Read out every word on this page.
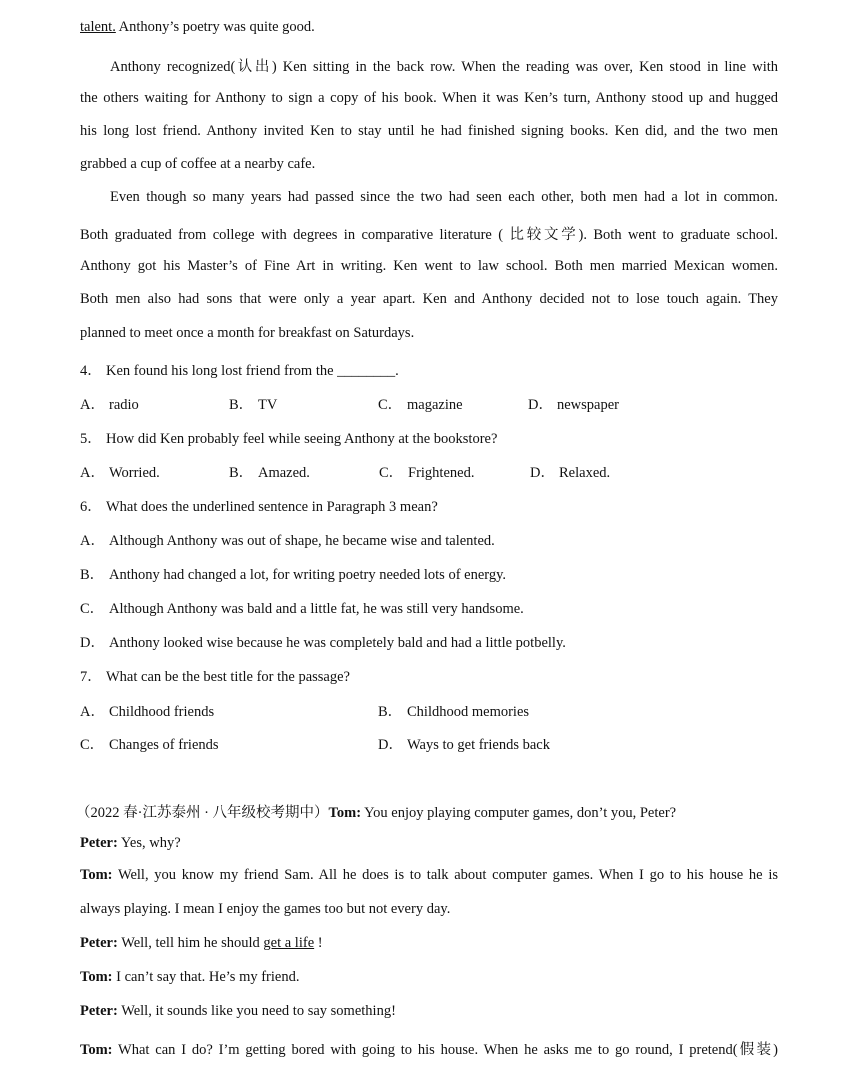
talent. Anthony’s poetry was quite good.
Anthony recognized(认出) Ken sitting in the back row. When the reading was over, Ken stood in line with
the others waiting for Anthony to sign a copy of his book. When it was Ken’s turn, Anthony stood up and hugged
his long lost friend. Anthony invited Ken to stay until he had finished signing books. Ken did, and the two men
grabbed a cup of coffee at a nearby cafe.
Even though so many years had passed since the two had seen each other, both men had a lot in common.
Both graduated from college with degrees in comparative literature ( 比较文学). Both went to graduate school.
Anthony got his Master’s of Fine Art in writing. Ken went to law school. Both men married Mexican women.
Both men also had sons that were only a year apart. Ken and Anthony decided not to lose touch again. They
planned to meet once a month for breakfast on Saturdays.
4． Ken found his long lost friend from the ________.
A． radio	B． TV	C． magazine	D． newspaper
5． How did Ken probably feel while seeing Anthony at the bookstore?
A． Worried.	B． Amazed.	C． Frightened.	D． Relaxed.
6． What does the underlined sentence in Paragraph 3 mean?
A． Although Anthony was out of shape, he became wise and talented.
B． Anthony had changed a lot, for writing poetry needed lots of energy.
C． Although Anthony was bald and a little fat, he was still very handsome.
D． Anthony looked wise because he was completely bald and had a little potbelly.
7． What can be the best title for the passage?
A． Childhood friends	B． Childhood memories
C． Changes of friends	D． Ways to get friends back
（2022 春·江苏泰州 · 八年级校考期中）Tom: You enjoy playing computer games, don’t you, Peter?
Peter: Yes, why?
Tom: Well, you know my friend Sam. All he does is to talk about computer games. When I go to his house he is
always playing. I mean I enjoy the games too but not every day.
Peter: Well, tell him he should get a life !
Tom: I can’t say that. He’s my friend.
Peter: Well, it sounds like you need to say something!
Tom: What can I do? I’m getting bored with going to his house. When he asks me to go round, I pretend(假装)
